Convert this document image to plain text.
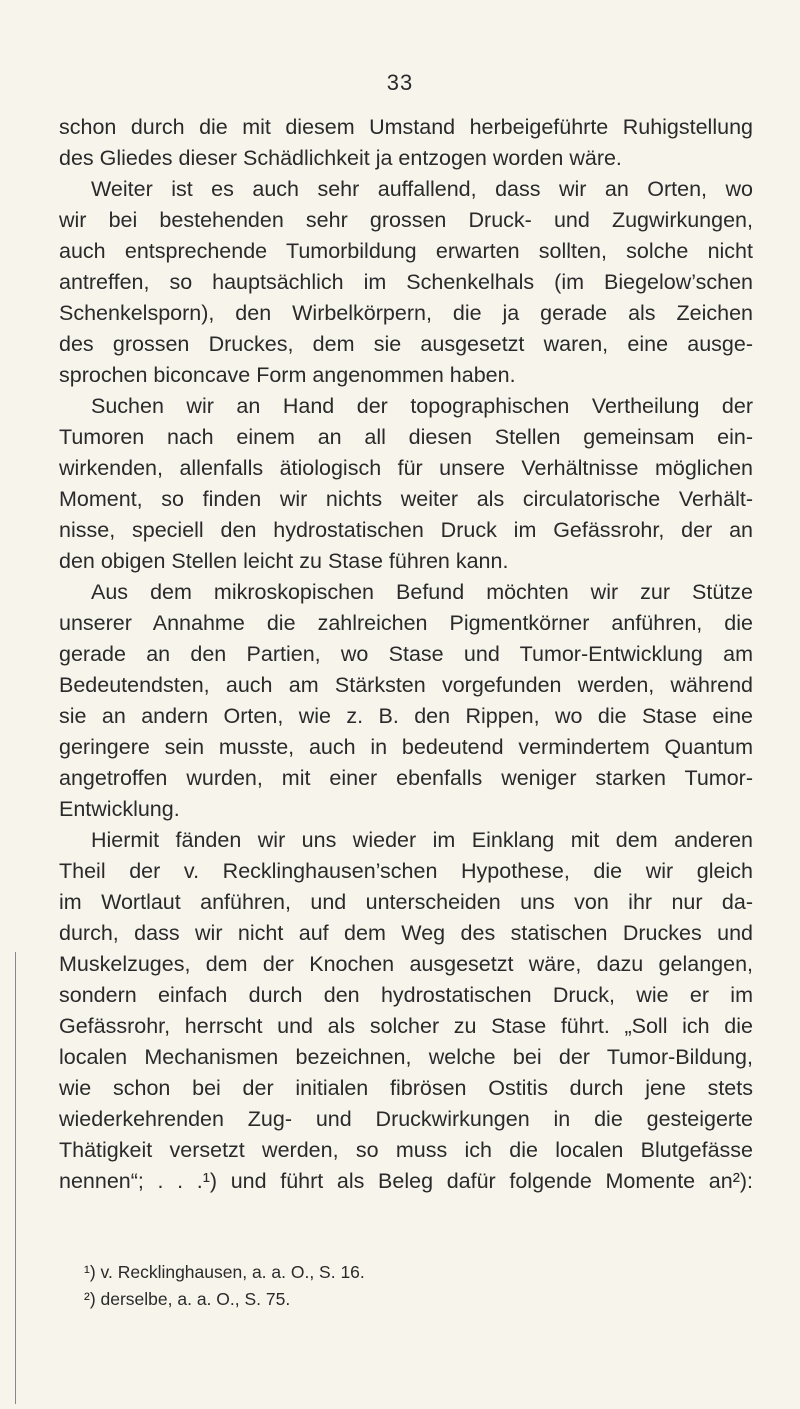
33
schon durch die mit diesem Umstand herbeigeführte Ruhigstellung
des Gliedes dieser Schädlichkeit ja entzogen worden wäre.
Weiter ist es auch sehr auffallend, dass wir an Orten, wo
wir bei bestehenden sehr grossen Druck- und Zugwirkungen,
auch entsprechende Tumorbildung erwarten sollten, solche nicht
antreffen, so hauptsächlich im Schenkelhals (im Biegelow’schen
Schenkelsporn), den Wirbelkörpern, die ja gerade als Zeichen
des grossen Druckes, dem sie ausgesetzt waren, eine ausge-
sprochen biconcave Form angenommen haben.
Suchen wir an Hand der topographischen Vertheilung der
Tumoren nach einem an all diesen Stellen gemeinsam ein-
wirkenden, allenfalls ätiologisch für unsere Verhältnisse möglichen
Moment, so finden wir nichts weiter als circulatorische Verhält-
nisse, speciell den hydrostatischen Druck im Gefässrohr, der an
den obigen Stellen leicht zu Stase führen kann.
Aus dem mikroskopischen Befund möchten wir zur Stütze
unserer Annahme die zahlreichen Pigmentkörner anführen, die
gerade an den Partien, wo Stase und Tumor-Entwicklung am
Bedeutendsten, auch am Stärksten vorgefunden werden, während
sie an andern Orten, wie z. B. den Rippen, wo die Stase eine
geringere sein musste, auch in bedeutend vermindertem Quantum
angetroffen wurden, mit einer ebenfalls weniger starken Tumor-
Entwicklung.
Hiermit fänden wir uns wieder im Einklang mit dem anderen
Theil der v. Recklinghausen’schen Hypothese, die wir gleich
im Wortlaut anführen, und unterscheiden uns von ihr nur da-
durch, dass wir nicht auf dem Weg des statischen Druckes und
Muskelzuges, dem der Knochen ausgesetzt wäre, dazu gelangen,
sondern einfach durch den hydrostatischen Druck, wie er im
Gefässrohr, herrscht und als solcher zu Stase führt. „Soll ich die
localen Mechanismen bezeichnen, welche bei der Tumor-Bildung,
wie schon bei der initialen fibrösen Ostitis durch jene stets
wiederkehrenden Zug- und Druckwirkungen in die gesteigerte
Thätigkeit versetzt werden, so muss ich die localen Blutgefässe
nennen“; . . .¹) und führt als Beleg dafür folgende Momente an²):
¹) v. Recklinghausen, a. a. O., S. 16.
²) derselbe, a. a. O., S. 75.
